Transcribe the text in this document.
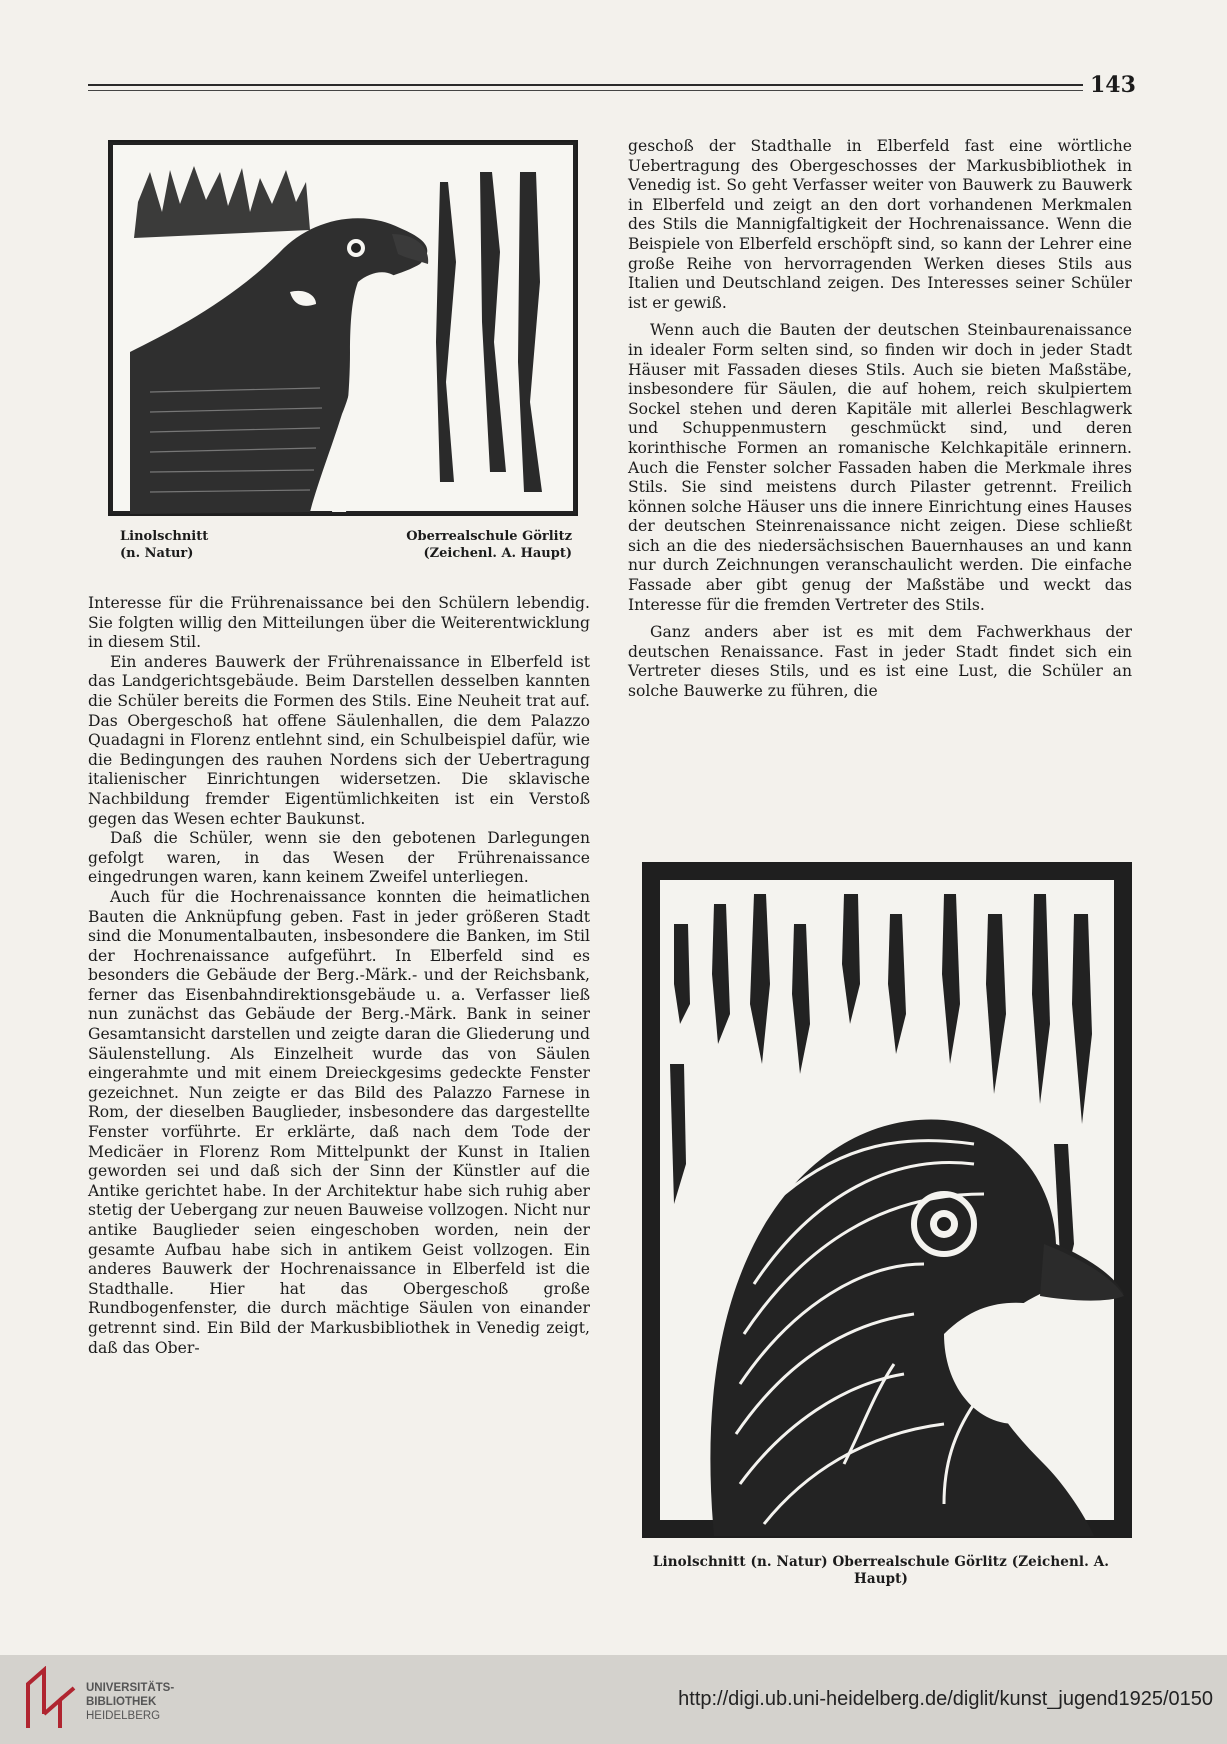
143
Linolschnitt
(n. Natur)
Oberrealschule Görlitz
(Zeichenl. A. Haupt)

geschoß der Stadthalle in Elberfeld fast eine wörtliche Uebertragung des Obergeschosses der Markusbibliothek in Venedig ist. So geht Verfasser weiter von Bauwerk zu Bauwerk in Elberfeld und zeigt an den dort vorhandenen Merkmalen des Stils die Mannigfaltigkeit der Hochrenaissance. Wenn die Beispiele von Elberfeld erschöpft sind, so kann der Lehrer eine große Reihe von hervorragenden Werken dieses Stils aus Italien und Deutschland zeigen. Des Interesses seiner Schüler ist er gewiß.

Wenn auch die Bauten der deutschen Steinbaurenaissance in idealer Form selten sind, so finden wir doch in jeder Stadt Häuser mit Fassaden dieses Stils. Auch sie bieten Maßstäbe, insbesondere für Säulen, die auf hohem, reich skulpiertem Sockel stehen und deren Kapitäle mit allerlei Beschlagwerk und Schuppenmustern geschmückt sind, und deren korinthische Formen an romanische Kelchkapitäle erinnern. Auch die Fenster solcher Fassaden haben die Merkmale ihres Stils. Sie sind meistens durch Pilaster getrennt. Freilich können solche Häuser uns die innere Einrichtung eines Hauses der deutschen Steinrenaissance nicht zeigen. Diese schließt sich an die des niedersächsischen Bauernhauses an und kann nur durch Zeichnungen veranschaulicht werden. Die einfache Fassade aber gibt genug der Maßstäbe und weckt das Interesse für die fremden Vertreter des Stils.

Ganz anders aber ist es mit dem Fachwerkhaus der deutschen Renaissance. Fast in jeder Stadt findet sich ein Vertreter dieses Stils, und es ist eine Lust, die Schüler an solche Bauwerke zu führen, die

Interesse für die Frührenaissance bei den Schülern lebendig. Sie folgten willig den Mitteilungen über die Weiterentwicklung in diesem Stil.

Ein anderes Bauwerk der Frührenaissance in Elberfeld ist das Landgerichtsgebäude. Beim Darstellen desselben kannten die Schüler bereits die Formen des Stils. Eine Neuheit trat auf. Das Obergeschoß hat offene Säulenhallen, die dem Palazzo Quadagni in Florenz entlehnt sind, ein Schulbeispiel dafür, wie die Bedingungen des rauhen Nordens sich der Uebertragung italienischer Einrichtungen widersetzen. Die sklavische Nachbildung fremder Eigentümlichkeiten ist ein Verstoß gegen das Wesen echter Baukunst.

Daß die Schüler, wenn sie den gebotenen Darlegungen gefolgt waren, in das Wesen der Frührenaissance eingedrungen waren, kann keinem Zweifel unterliegen.

Auch für die Hochrenaissance konnten die heimatlichen Bauten die Anknüpfung geben. Fast in jeder größeren Stadt sind die Monumentalbauten, insbesondere die Banken, im Stil der Hochrenaissance aufgeführt. In Elberfeld sind es besonders die Gebäude der Berg.-Märk.- und der Reichsbank, ferner das Eisenbahndirektionsgebäude u. a. Verfasser ließ nun zunächst das Gebäude der Berg.-Märk. Bank in seiner Gesamtansicht darstellen und zeigte daran die Gliederung und Säulenstellung. Als Einzelheit wurde das von Säulen eingerahmte und mit einem Dreieckgesims gedeckte Fenster gezeichnet. Nun zeigte er das Bild des Palazzo Farnese in Rom, der dieselben Bauglieder, insbesondere das dargestellte Fenster vorführte. Er erklärte, daß nach dem Tode der Medicäer in Florenz Rom Mittelpunkt der Kunst in Italien geworden sei und daß sich der Sinn der Künstler auf die Antike gerichtet habe. In der Architektur habe sich ruhig aber stetig der Uebergang zur neuen Bauweise vollzogen. Nicht nur antike Bauglieder seien eingeschoben worden, nein der gesamte Aufbau habe sich in antikem Geist vollzogen. Ein anderes Bauwerk der Hochrenaissance in Elberfeld ist die Stadthalle. Hier hat das Obergeschoß große Rundbogenfenster, die durch mächtige Säulen von einander getrennt sind. Ein Bild der Markusbibliothek in Venedig zeigt, daß das Ober-

Linolschnitt (n. Natur) Oberrealschule Görlitz (Zeichenl. A. Haupt)
UNIVERSITÄTS-
BIBLIOTHEK
HEIDELBERG
http://digi.ub.uni-heidelberg.de/diglit/kunst_jugend1925/0150
